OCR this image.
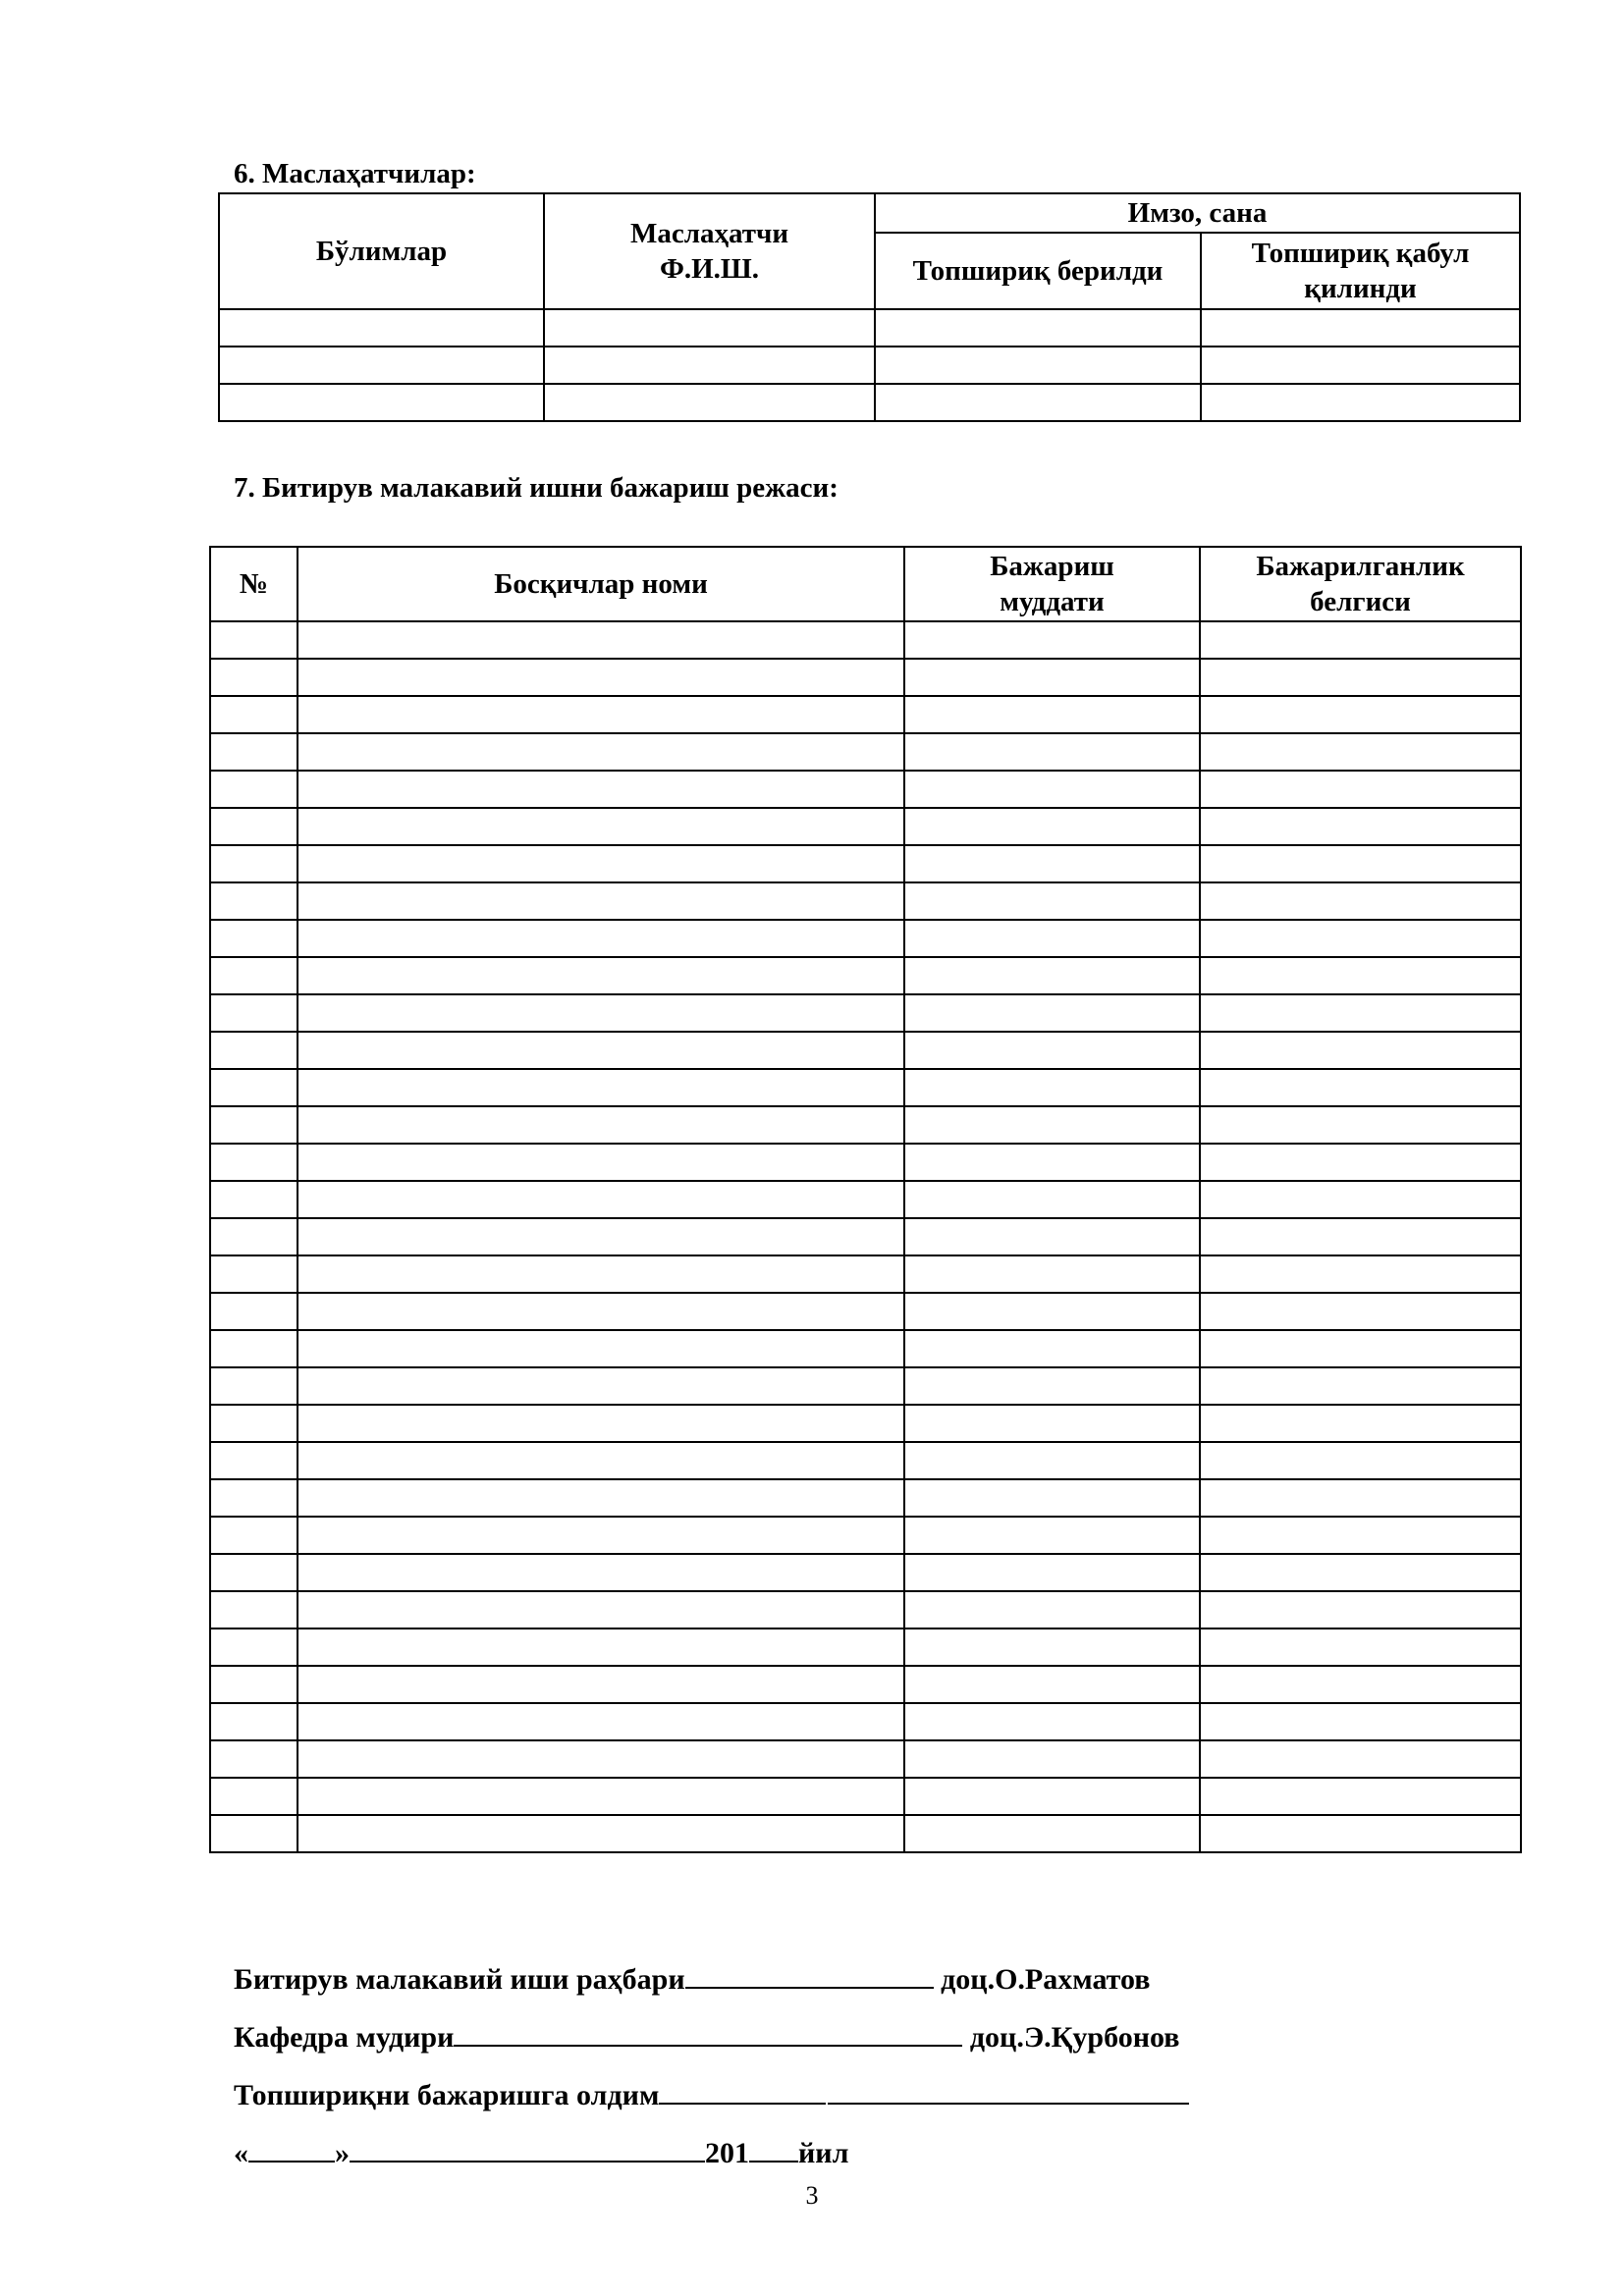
6. Маслаҳатчилар:
Бўлимлар	Маслаҳатчи Ф.И.Ш.	Имзо, сана	
		Топшириқ берилди	Топшириқ қабул қилинди

7. Битирув малакавий ишни бажариш режаси:
№	Босқичлар номи	Бажариш муддати	Бажарилганлик белгиси

Битирув малакавий иши раҳбари	доц.О.Рахматов
Кафедра мудири	доц.Э.Қурбонов
Топшириқни бажаришга олдим
«	»	201 йил
3
